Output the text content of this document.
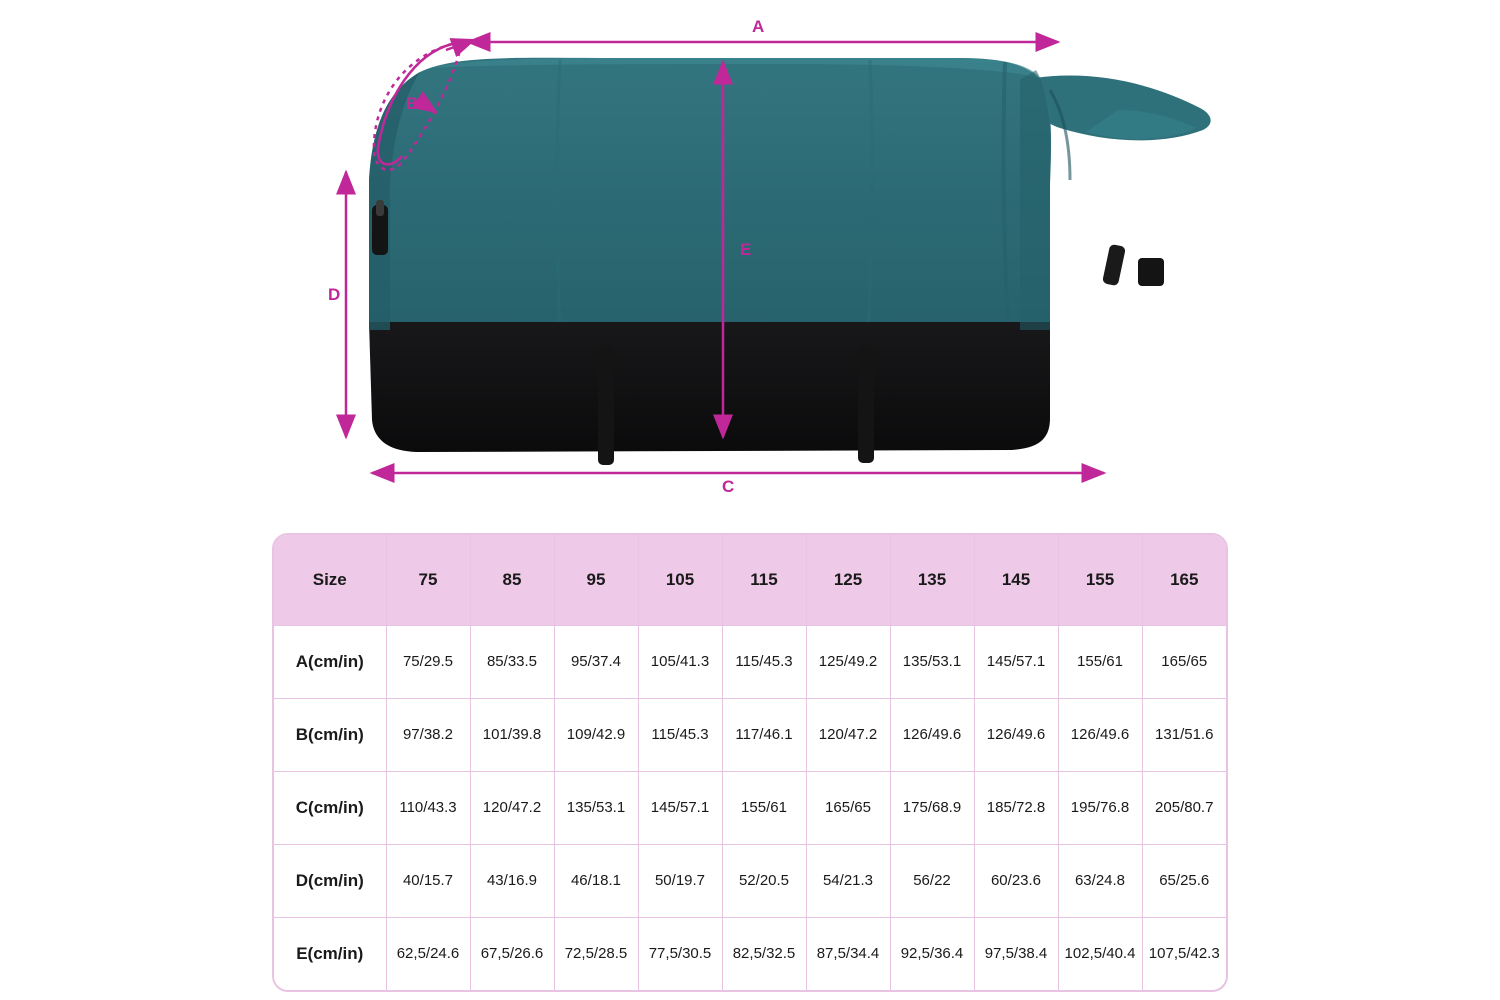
A
B
C
D
E
Size	75	85	95	105	115	125	135	145	155	165
A(cm/in)	75/29.5	85/33.5	95/37.4	105/41.3	115/45.3	125/49.2	135/53.1	145/57.1	155/61	165/65
B(cm/in)	97/38.2	101/39.8	109/42.9	115/45.3	117/46.1	120/47.2	126/49.6	126/49.6	126/49.6	131/51.6
C(cm/in)	110/43.3	120/47.2	135/53.1	145/57.1	155/61	165/65	175/68.9	185/72.8	195/76.8	205/80.7
D(cm/in)	40/15.7	43/16.9	46/18.1	50/19.7	52/20.5	54/21.3	56/22	60/23.6	63/24.8	65/25.6
E(cm/in)	62,5/24.6	67,5/26.6	72,5/28.5	77,5/30.5	82,5/32.5	87,5/34.4	92,5/36.4	97,5/38.4	102,5/40.4	107,5/42.3
